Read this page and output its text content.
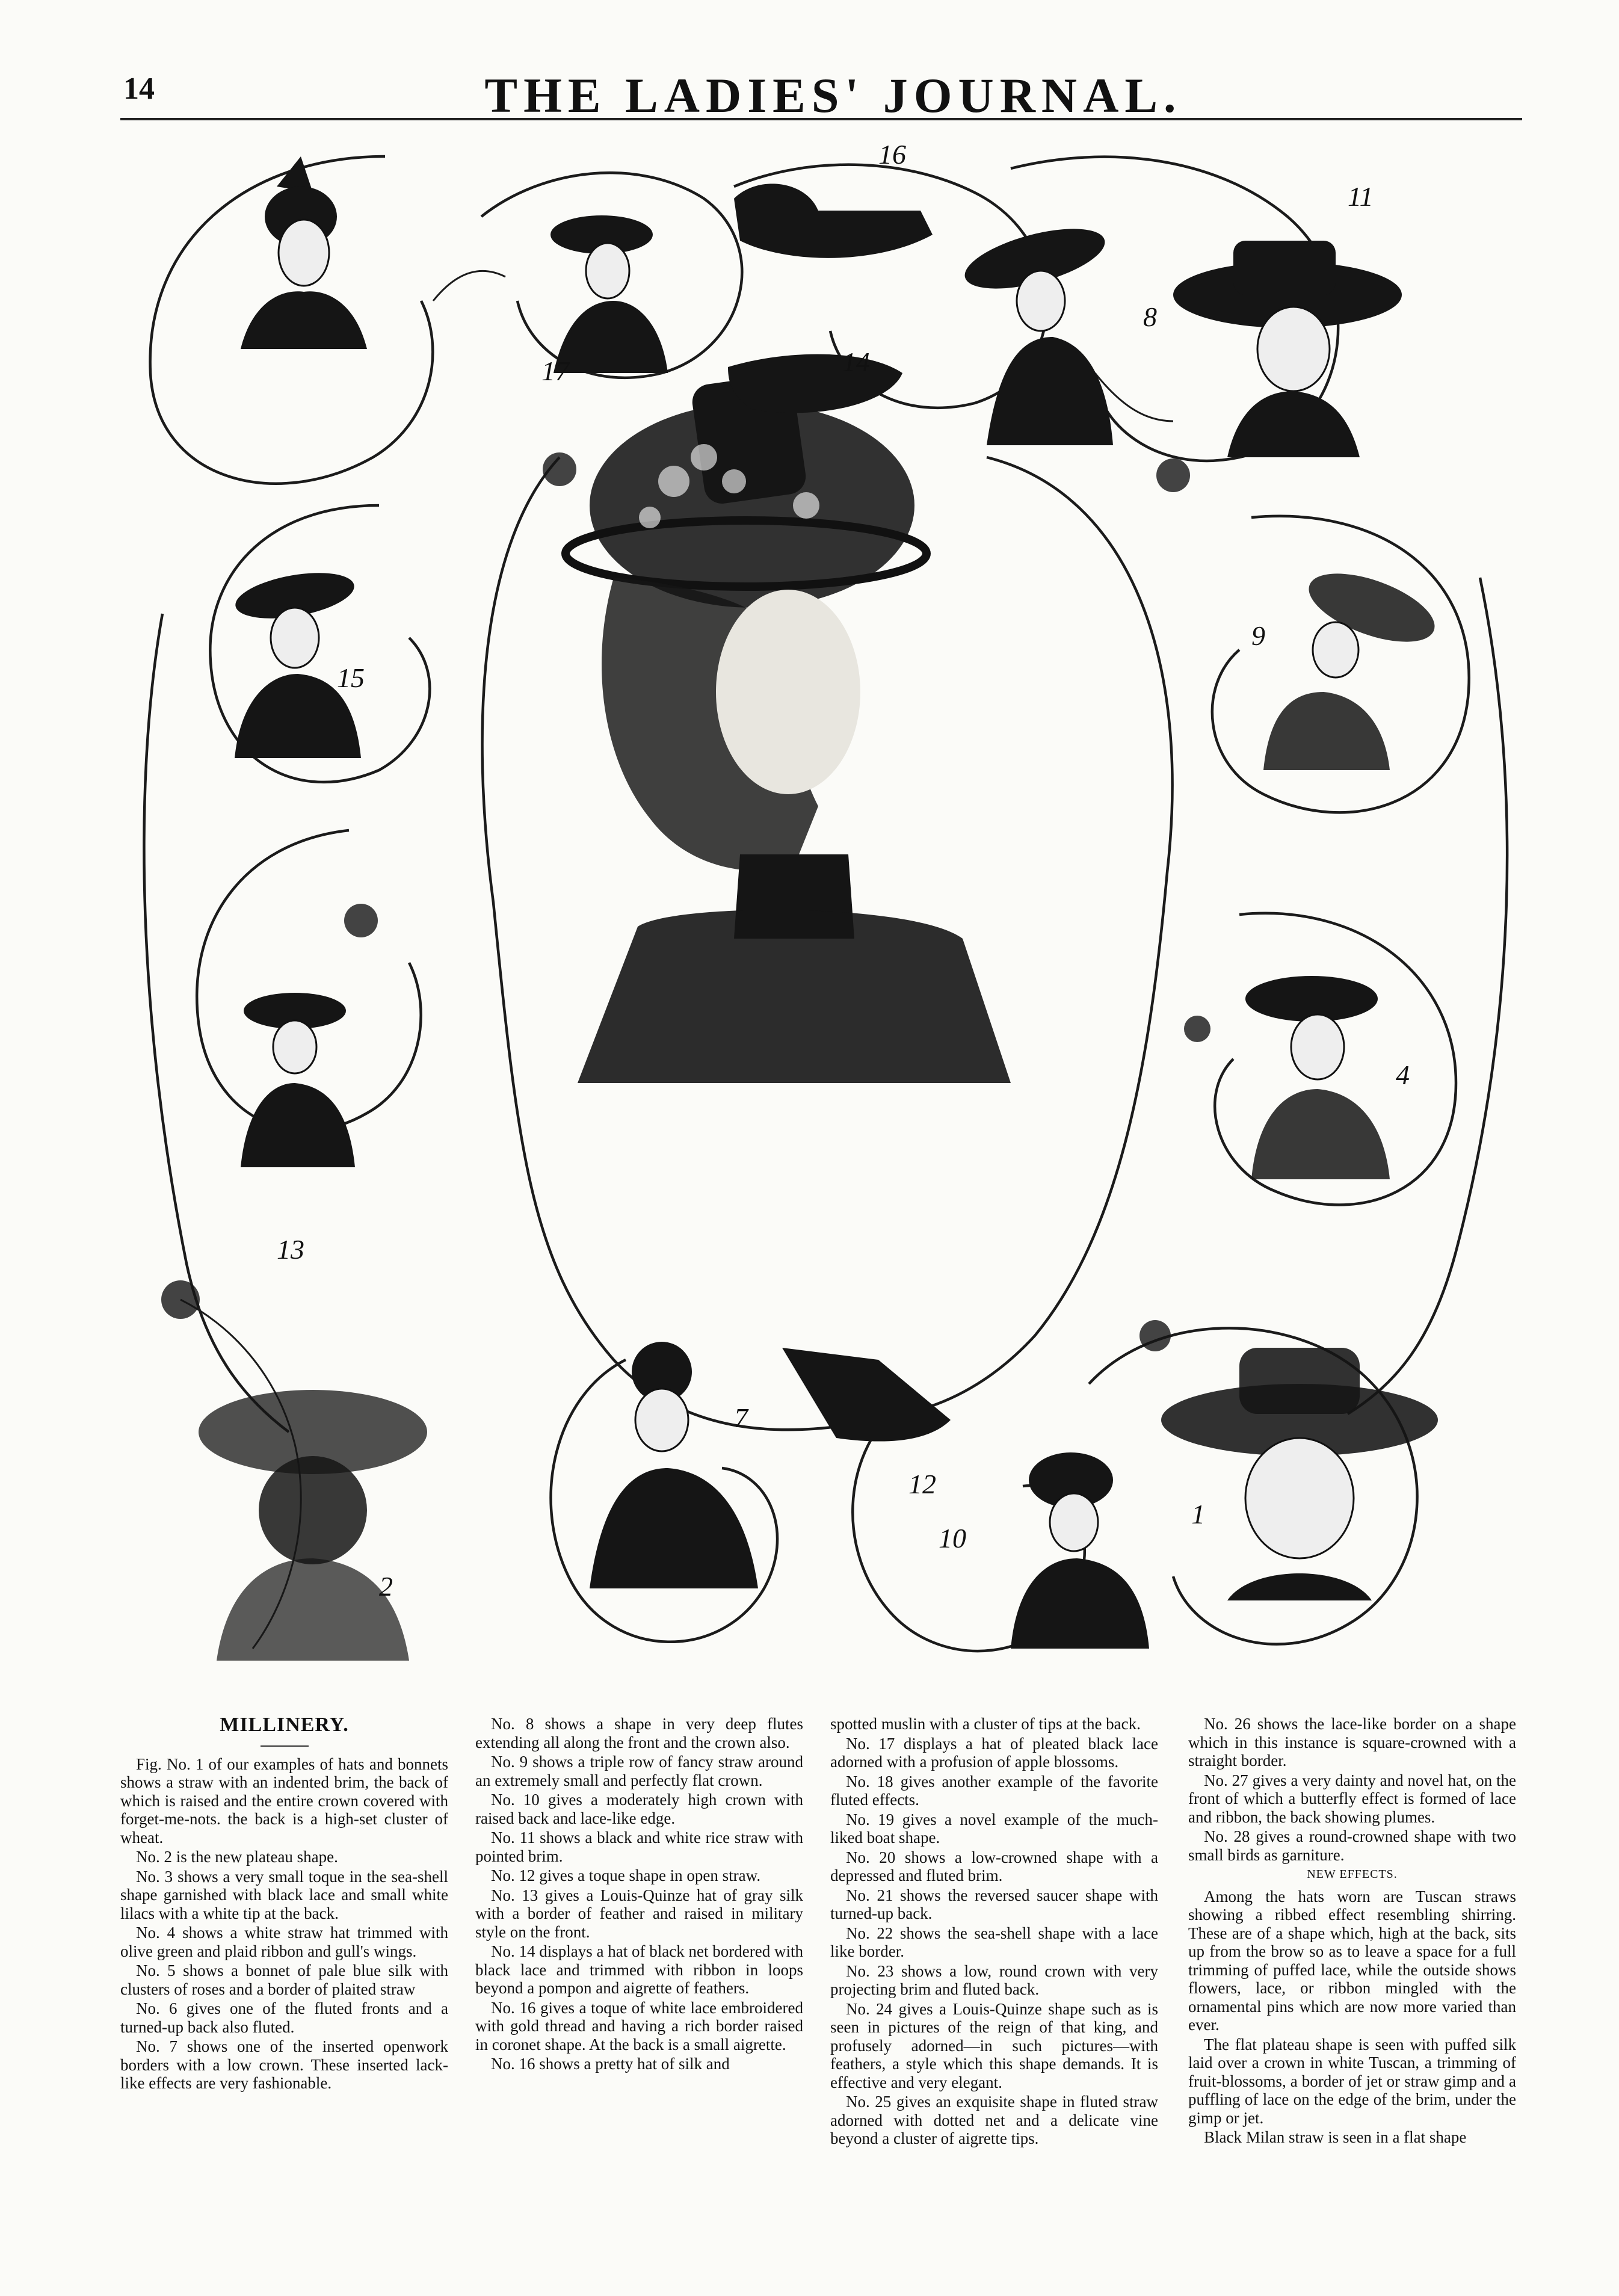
14	THE LADIES' JOURNAL.
16
11
8
17	14
15
9
4
13
7
12
10
1
2

MILLINERY.

Fig. No. 1 of our examples of hats and bonnets shows a straw with an indented brim, the back of which is raised and the entire crown covered with forget-me-nots. the back is a high-set cluster of wheat.

No. 2 is the new plateau shape.

No. 3 shows a very small toque in the sea-shell shape garnished with black lace and small white lilacs with a white tip at the back.

No. 4 shows a white straw hat trimmed with olive green and plaid ribbon and gull's wings.

No. 5 shows a bonnet of pale blue silk with clusters of roses and a border of plaited straw

No. 6 gives one of the fluted fronts and a turned-up back also fluted.

No. 7 shows one of the inserted openwork borders with a low crown. These inserted lack-like effects are very fashionable.

No. 8 shows a shape in very deep flutes extending all along the front and the crown also.

No. 9 shows a triple row of fancy straw around an extremely small and perfectly flat crown.

No. 10 gives a moderately high crown with raised back and lace-like edge.

No. 11 shows a black and white rice straw with pointed brim.

No. 12 gives a toque shape in open straw.

No. 13 gives a Louis-Quinze hat of gray silk with a border of feather and raised in military style on the front.

No. 14 displays a hat of black net bordered with black lace and trimmed with ribbon in loops beyond a pompon and aigrette of feathers.

No. 16 gives a toque of white lace embroidered with gold thread and having a rich border raised in coronet shape. At the back is a small aigrette.

No. 16 shows a pretty hat of silk and

spotted muslin with a cluster of tips at the back.

No. 17 displays a hat of pleated black lace adorned with a profusion of apple blossoms.

No. 18 gives another example of the favorite fluted effects.

No. 19 gives a novel example of the much-liked boat shape.

No. 20 shows a low-crowned shape with a depressed and fluted brim.

No. 21 shows the reversed saucer shape with turned-up back.

No. 22 shows the sea-shell shape with a lace like border.

No. 23 shows a low, round crown with very projecting brim and fluted back.

No. 24 gives a Louis-Quinze shape such as is seen in pictures of the reign of that king, and profusely adorned—in such pictures—with feathers, a style which this shape demands. It is effective and very elegant.

No. 25 gives an exquisite shape in fluted straw adorned with dotted net and a delicate vine beyond a cluster of aigrette tips.

No. 26 shows the lace-like border on a shape which in this instance is square-crowned with a straight border.

No. 27 gives a very dainty and novel hat, on the front of which a butterfly effect is formed of lace and ribbon, the back showing plumes.

No. 28 gives a round-crowned shape with two small birds as garniture.

NEW EFFECTS.

Among the hats worn are Tuscan straws showing a ribbed effect resembling shirring. These are of a shape which, high at the back, sits up from the brow so as to leave a space for a full trimming of puffed lace, while the outside shows flowers, lace, or ribbon mingled with the ornamental pins which are now more varied than ever.

The flat plateau shape is seen with puffed silk laid over a crown in white Tuscan, a trimming of fruit-blossoms, a border of jet or straw gimp and a puffling of lace on the edge of the brim, under the gimp or jet.

Black Milan straw is seen in a flat shape
